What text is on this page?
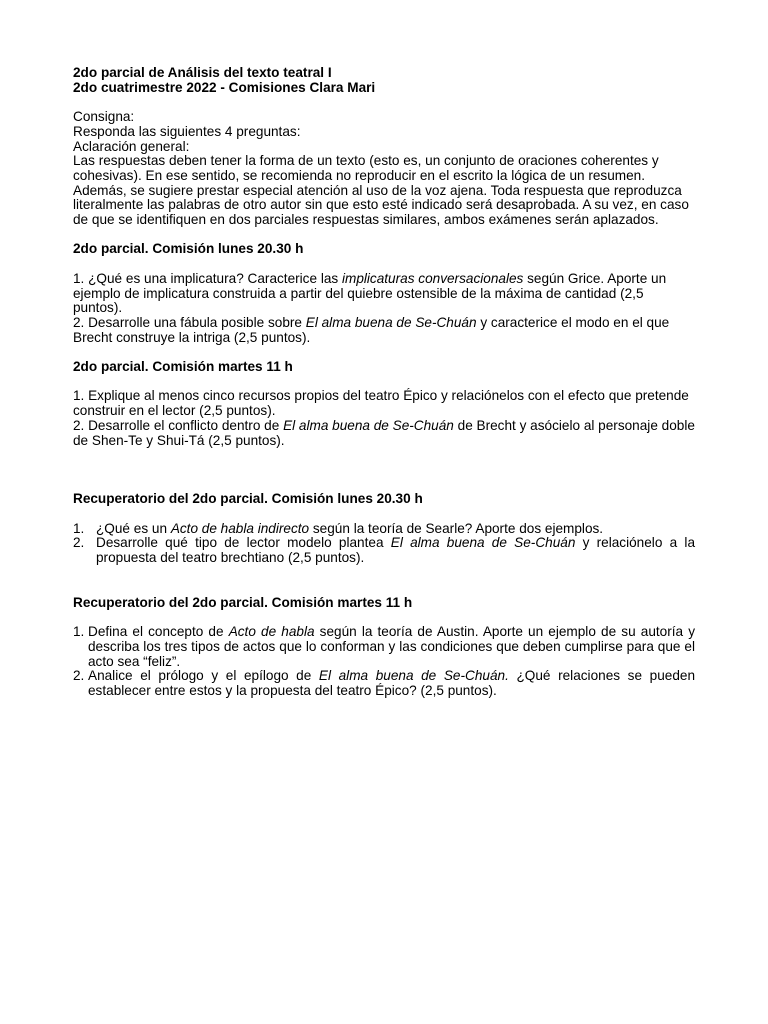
2do parcial de Análisis del texto teatral I

2do cuatrimestre 2022 - Comisiones Clara Mari

Consigna:

Responda las siguientes 4 preguntas:

Aclaración general:

Las respuestas deben tener la forma de un texto (esto es, un conjunto de oraciones coherentes y cohesivas). En ese sentido, se recomienda no reproducir en el escrito la lógica de un resumen. Además, se sugiere prestar especial atención al uso de la voz ajena. Toda respuesta que reproduzca literalmente las palabras de otro autor sin que esto esté indicado será desaprobada. A su vez, en caso de que se identifiquen en dos parciales respuestas similares, ambos exámenes serán aplazados.

2do parcial. Comisión lunes 20.30 h

1. ¿Qué es una implicatura? Caracterice las implicaturas conversacionales según Grice. Aporte un ejemplo de implicatura construida a partir del quiebre ostensible de la máxima de cantidad (2,5 puntos).

2. Desarrolle una fábula posible sobre El alma buena de Se-Chuán y caracterice el modo en el que Brecht construye la intriga (2,5 puntos).

2do parcial. Comisión martes 11 h

1. Explique al menos cinco recursos propios del teatro Épico y relaciónelos con el efecto que pretende construir en el lector (2,5 puntos).

2. Desarrolle el conflicto dentro de El alma buena de Se-Chuán de Brecht y asócielo al personaje doble de Shen-Te y Shui-Tá (2,5 puntos).

Recuperatorio del 2do parcial. Comisión lunes 20.30 h

1. ¿Qué es un Acto de habla indirecto según la teoría de Searle? Aporte dos ejemplos.
2. Desarrolle qué tipo de lector modelo plantea El alma buena de Se-Chuán y relaciónelo a la propuesta del teatro brechtiano (2,5 puntos).

Recuperatorio del 2do parcial. Comisión martes 11 h

1. Defina el concepto de Acto de habla según la teoría de Austin. Aporte un ejemplo de su autoría y describa los tres tipos de actos que lo conforman y las condiciones que deben cumplirse para que el acto sea “feliz”.
2. Analice el prólogo y el epílogo de El alma buena de Se-Chuán. ¿Qué relaciones se pueden establecer entre estos y la propuesta del teatro Épico? (2,5 puntos).
